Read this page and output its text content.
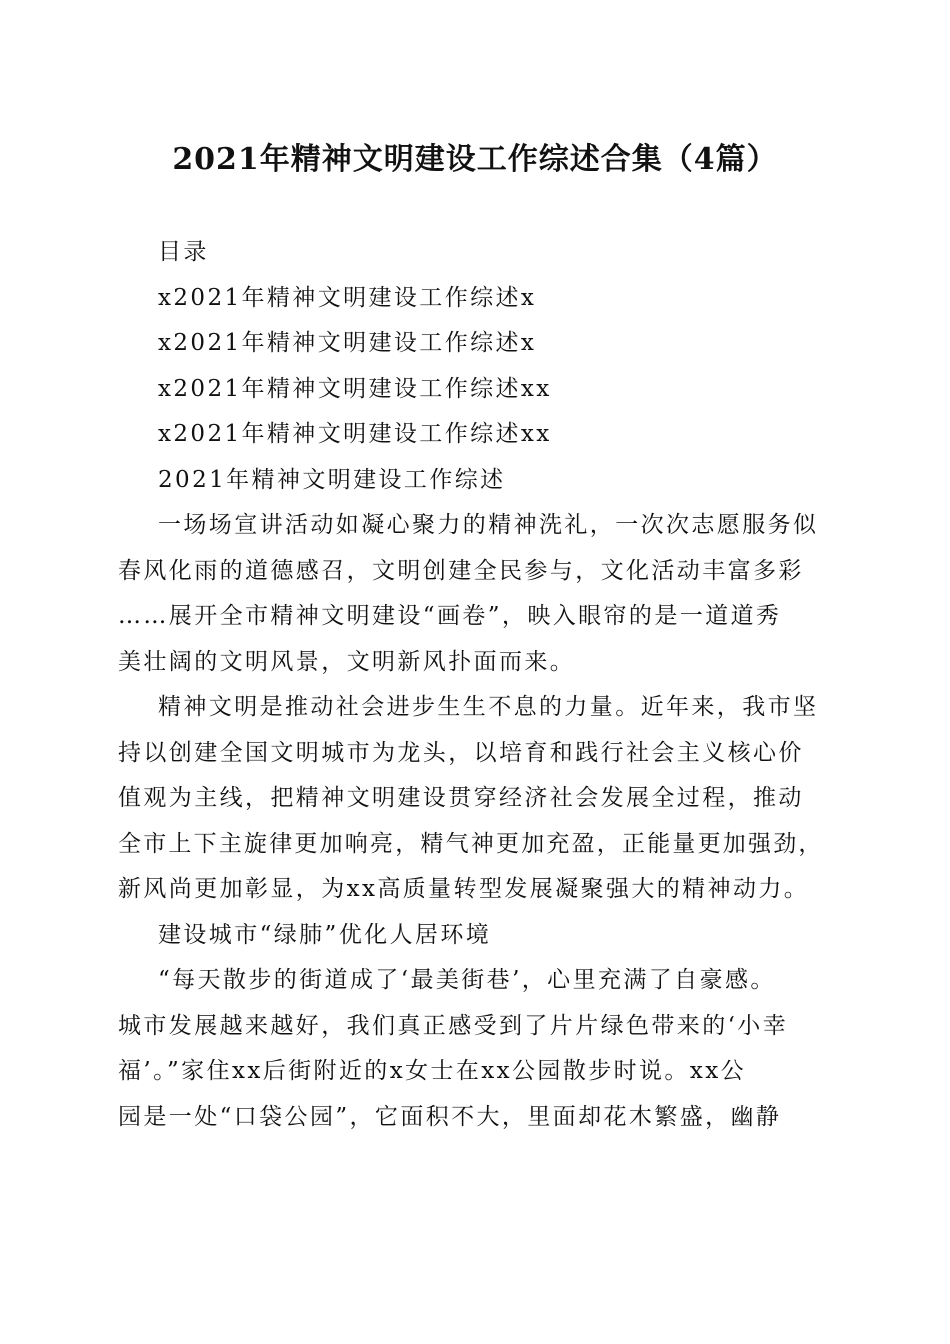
2021年精神文明建设工作综述合集（4篇）
目录
x2021年精神文明建设工作综述x
x2021年精神文明建设工作综述x
x2021年精神文明建设工作综述xx
x2021年精神文明建设工作综述xx
2021年精神文明建设工作综述
一场场宣讲活动如凝心聚力的精神洗礼，一次次志愿服务似
春风化雨的道德感召，文明创建全民参与，文化活动丰富多彩
……展开全市精神文明建设“画卷”，映入眼帘的是一道道秀
美壮阔的文明风景，文明新风扑面而来。
精神文明是推动社会进步生生不息的力量。近年来，我市坚
持以创建全国文明城市为龙头，以培育和践行社会主义核心价
值观为主线，把精神文明建设贯穿经济社会发展全过程，推动
全市上下主旋律更加响亮，精气神更加充盈，正能量更加强劲，
新风尚更加彰显，为xx高质量转型发展凝聚强大的精神动力。
建设城市“绿肺”优化人居环境
“每天散步的街道成了‘最美街巷’，心里充满了自豪感。
城市发展越来越好，我们真正感受到了片片绿色带来的‘小幸
福’。”家住xx后街附近的x女士在xx公园散步时说。xx公
园是一处“口袋公园”，它面积不大，里面却花木繁盛，幽静
